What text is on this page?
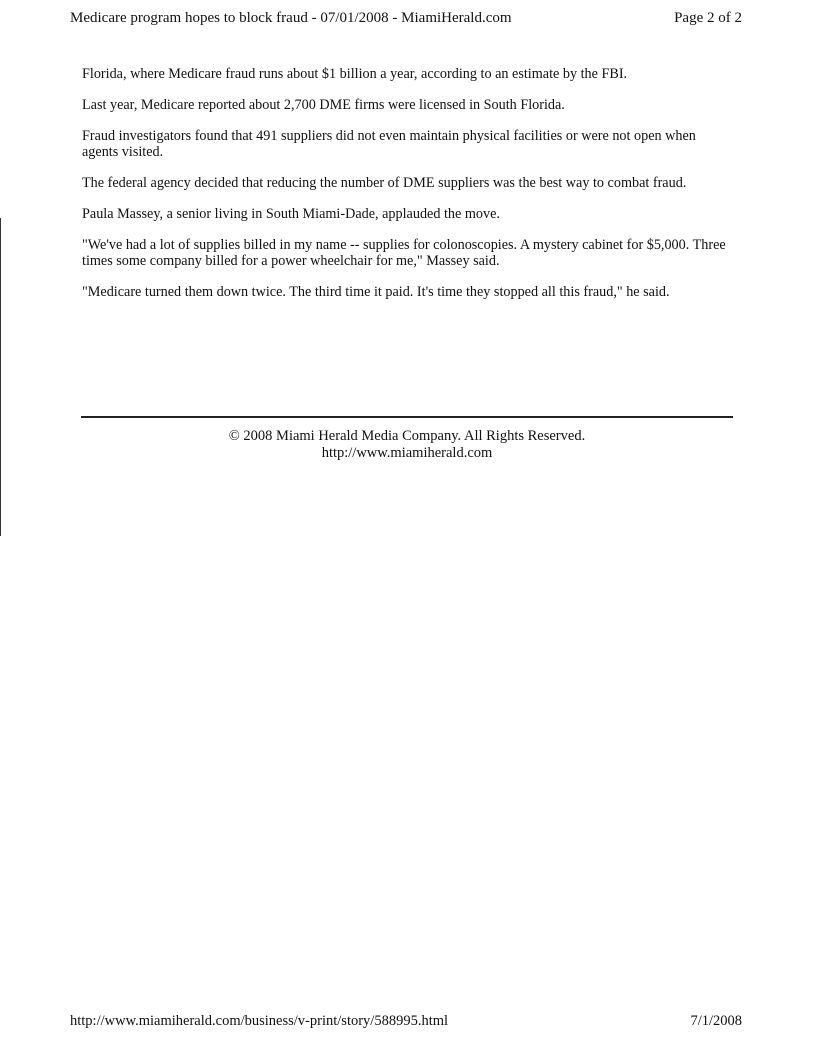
Medicare program hopes to block fraud - 07/01/2008 - MiamiHerald.com	Page 2 of 2

Florida, where Medicare fraud runs about $1 billion a year, according to an estimate by the FBI.

Last year, Medicare reported about 2,700 DME firms were licensed in South Florida.

Fraud investigators found that 491 suppliers did not even maintain physical facilities or were not open when agents visited.

The federal agency decided that reducing the number of DME suppliers was the best way to combat fraud.

Paula Massey, a senior living in South Miami-Dade, applauded the move.

"We've had a lot of supplies billed in my name -- supplies for colonoscopies. A mystery cabinet for $5,000. Three times some company billed for a power wheelchair for me," Massey said.

"Medicare turned them down twice. The third time it paid. It's time they stopped all this fraud," he said.

© 2008 Miami Herald Media Company. All Rights Reserved.
http://www.miamiherald.com
http://www.miamiherald.com/business/v-print/story/588995.html	7/1/2008
